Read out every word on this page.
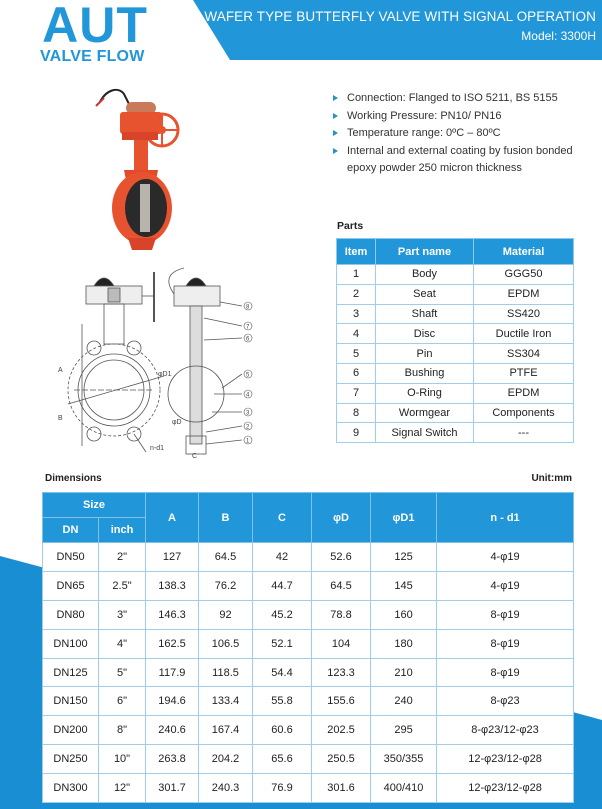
AUT
VALVE FLOW
WAFER TYPE BUTTERFLY VALVE WITH SIGNAL OPERATION
Model: 3300H
A
B
φD1
n-d1
φD
C
8
7
6
5
4
3
2
1
Connection: Flanged to ISO 5211, BS 5155
Working Pressure: PN10/ PN16
Temperature range: 0ºC – 80ºC
Internal and external coating by fusion bonded epoxy powder 250 micron thickness
Parts
Item	Part name	Material
1	Body	GGG50
2	Seat	EPDM
3	Shaft	SS420
4	Disc	Ductile Iron
5	Pin	SS304
6	Bushing	PTFE
7	O-Ring	EPDM
8	Wormgear	Components
9	Signal Switch	---
Dimensions	Unit:mm
Size		A	B	C	φD	φD1	n - d1
DN	inch						
DN50	2"	127	64.5	42	52.6	125	4-φ19
DN65	2.5"	138.3	76.2	44.7	64.5	145	4-φ19
DN80	3"	146.3	92	45.2	78.8	160	8-φ19
DN100	4"	162.5	106.5	52.1	104	180	8-φ19
DN125	5"	117.9	118.5	54.4	123.3	210	8-φ19
DN150	6"	194.6	133.4	55.8	155.6	240	8-φ23
DN200	8"	240.6	167.4	60.6	202.5	295	8-φ23/12-φ23
DN250	10"	263.8	204.2	65.6	250.5	350/355	12-φ23/12-φ28
DN300	12"	301.7	240.3	76.9	301.6	400/410	12-φ23/12-φ28
